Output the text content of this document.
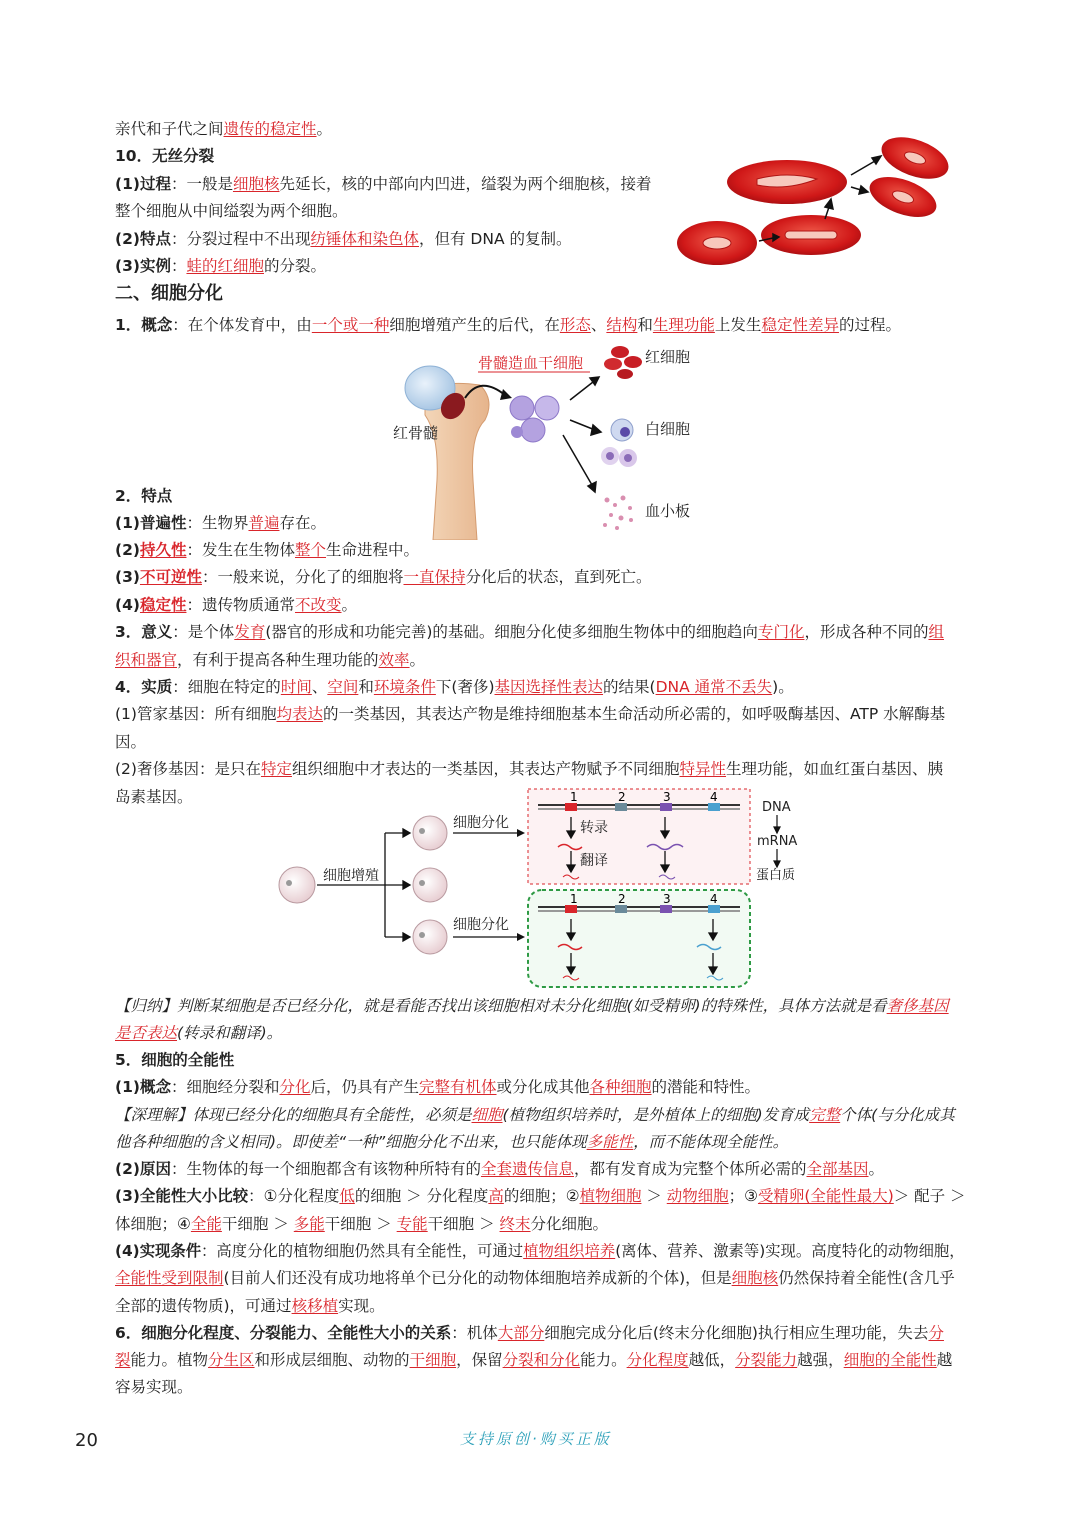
亲代和子代之间遗传的稳定性。
10．无丝分裂
(1)过程：一般是细胞核先延长，核的中部向内凹进，缢裂为两个细胞核，接着
整个细胞从中间缢裂为两个细胞。
(2)特点：分裂过程中不出现纺锤体和染色体，但有 DNA 的复制。
(3)实例：蛙的红细胞的分裂。
二、细胞分化
1．概念：在个体发育中，由一个或一种细胞增殖产生的后代，在形态、结构和生理功能上发生稳定性差异的过程。
红骨髓
骨髓造血干细胞	红细胞
白细胞
血小板
2．特点
(1)普遍性：生物界普遍存在。
(2)持久性：发生在生物体整个生命进程中。
(3)不可逆性：一般来说，分化了的细胞将一直保持分化后的状态，直到死亡。
(4)稳定性：遗传物质通常不改变。
3．意义：是个体发育(器官的形成和功能完善)的基础。细胞分化使多细胞生物体中的细胞趋向专门化，形成各种不同的组
织和器官，有利于提高各种生理功能的效率。
4．实质：细胞在特定的时间、空间和环境条件下(奢侈)基因选择性表达的结果(DNA 通常不丢失)。
(1)管家基因：所有细胞均表达的一类基因，其表达产物是维持细胞基本生命活动所必需的，如呼吸酶基因、ATP 水解酶基
因。
(2)奢侈基因：是只在特定组织细胞中才表达的一类基因，其表达产物赋予不同细胞特异性生理功能，如血红蛋白基因、胰
岛素基因。
细胞增殖
细胞分化
细胞分化
1	2	3	4
转录
翻译
DNA
mRNA
蛋白质
1	2	3	4
【归纳】判断某细胞是否已经分化，就是看能否找出该细胞相对未分化细胞(如受精卵)的特殊性，具体方法就是看奢侈基因
是否表达(转录和翻译)。
5．细胞的全能性
(1)概念：细胞经分裂和分化后，仍具有产生完整有机体或分化成其他各种细胞的潜能和特性。
【深理解】体现已经分化的细胞具有全能性，必须是细胞(植物组织培养时，是外植体上的细胞)发育成完整个体(与分化成其
他各种细胞的含义相同)。即使差“一种”细胞分化不出来，也只能体现多能性，而不能体现全能性。
(2)原因：生物体的每一个细胞都含有该物种所特有的全套遗传信息，都有发育成为完整个体所必需的全部基因。
(3)全能性大小比较：①分化程度低的细胞 ＞ 分化程度高的细胞；②植物细胞 ＞ 动物细胞；③受精卵(全能性最大)＞ 配子 ＞
体细胞；④全能干细胞 ＞ 多能干细胞 ＞ 专能干细胞 ＞ 终末分化细胞。
(4)实现条件：高度分化的植物细胞仍然具有全能性，可通过植物组织培养(离体、营养、激素等)实现。高度特化的动物细胞，
全能性受到限制(目前人们还没有成功地将单个已分化的动物体细胞培养成新的个体)，但是细胞核仍然保持着全能性(含几乎
全部的遗传物质)，可通过核移植实现。
6．细胞分化程度、分裂能力、全能性大小的关系：机体大部分细胞完成分化后(终末分化细胞)执行相应生理功能，失去分
裂能力。植物分生区和形成层细胞、动物的干细胞，保留分裂和分化能力。分化程度越低，分裂能力越强，细胞的全能性越
容易实现。
20	支持原创·购买正版
